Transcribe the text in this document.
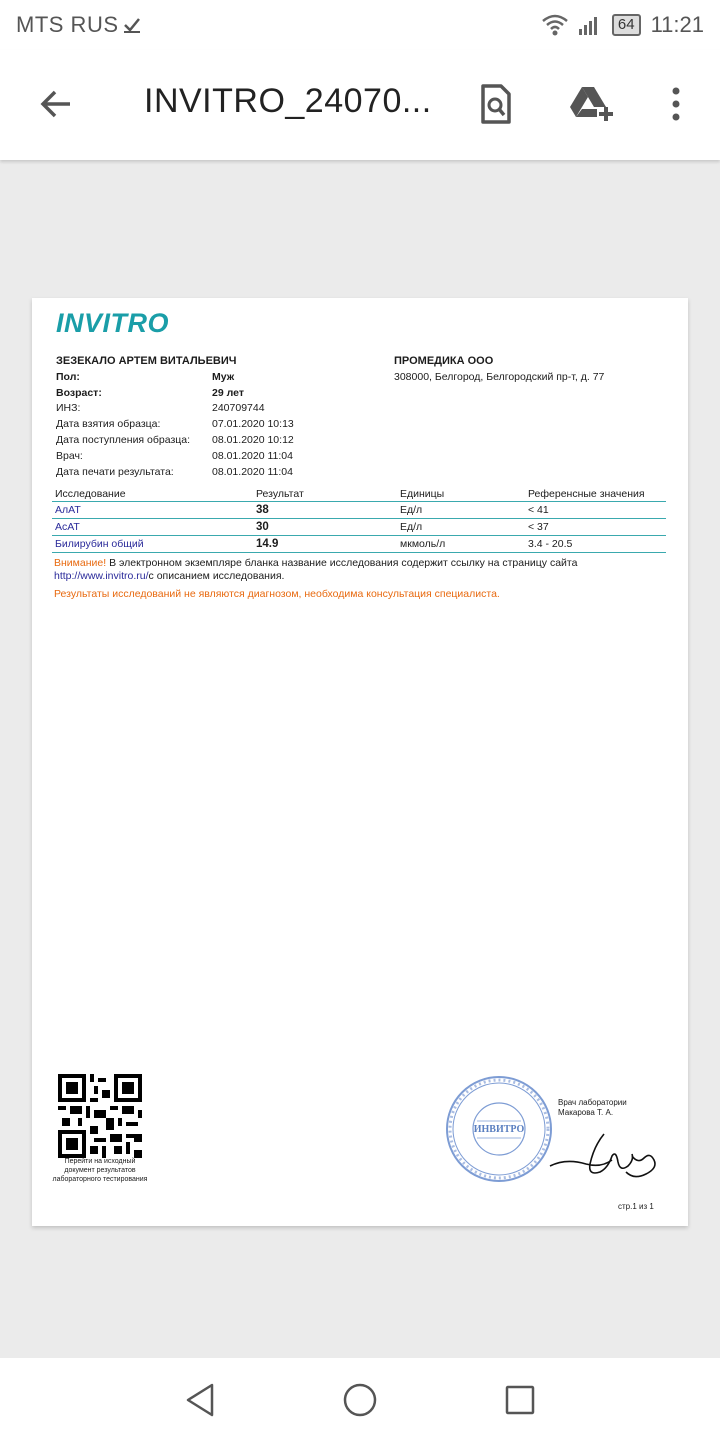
MTS RUS	64 11:21
INVITRO_24070...
INVITRO
ЗЕЗЕКАЛО АРТЕМ ВИТАЛЬЕВИЧ
Пол:	Муж
Возраст:	29 лет
ИНЗ:	240709744
Дата взятия образца:	07.01.2020 10:13
Дата поступления образца:	08.01.2020 10:12
Врач:	08.01.2020 11:04
Дата печати результата:	08.01.2020 11:04
ПРОМЕДИКА ООО
308000, Белгород, Белгородский пр-т, д. 77
Исследование	Результат	Единицы	Референсные значения
АлАТ	38	Ед/л	< 41
АсАТ	30	Ед/л	< 37
Билирубин общий	14.9	мкмоль/л	3.4 - 20.5
Внимание! В электронном экземпляре бланка название исследования содержит ссылку на страницу сайта
http://www.invitro.ru/с описанием исследования.
Результаты исследований не являются диагнозом, необходима консультация специалиста.
Перейти на исходный документ результатов лабораторного тестирования
ИНВИТРО
Врач лаборатории
Макарова Т. А.
стр.1 из 1
